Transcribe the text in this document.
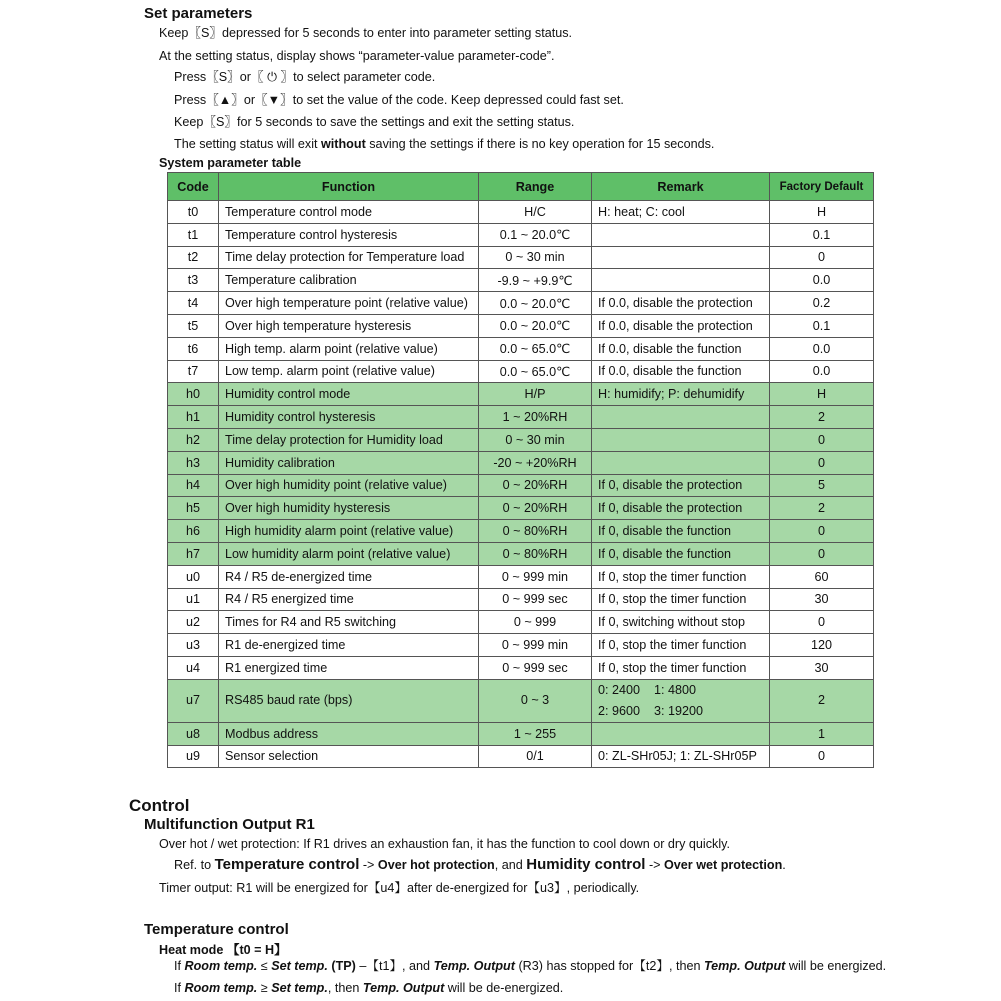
Set parameters
Keep〖S〗depressed for 5 seconds to enter into parameter setting status.
At the setting status, display shows “parameter-value parameter-code”.
Press〖S〗or〖 ⏻ 〗to select parameter code.
Press〖▲〗or〖▼〗to set the value of the code. Keep depressed could fast set.
Keep〖S〗for 5 seconds to save the settings and exit the setting status.
The setting status will exit without saving the settings if there is no key operation for 15 seconds.
System parameter table
Code	Function	Range	Remark	Factory Default
t0	Temperature control mode	H/C	H: heat; C: cool	H
t1	Temperature control hysteresis	0.1 ~ 20.0℃		0.1
t2	Time delay protection for Temperature load	0 ~ 30 min		0
t3	Temperature calibration	-9.9 ~ +9.9℃		0.0
t4	Over high temperature point (relative value)	0.0 ~ 20.0℃	If 0.0, disable the protection	0.2
t5	Over high temperature hysteresis	0.0 ~ 20.0℃	If 0.0, disable the protection	0.1
t6	High temp. alarm point (relative value)	0.0 ~ 65.0℃	If 0.0, disable the function	0.0
t7	Low temp. alarm point (relative value)	0.0 ~ 65.0℃	If 0.0, disable the function	0.0
h0	Humidity control mode	H/P	H: humidify; P: dehumidify	H
h1	Humidity control hysteresis	1 ~ 20%RH		2
h2	Time delay protection for Humidity load	0 ~ 30 min		0
h3	Humidity calibration	-20 ~ +20%RH		0
h4	Over high humidity point (relative value)	0 ~ 20%RH	If 0, disable the protection	5
h5	Over high humidity hysteresis	0 ~ 20%RH	If 0, disable the protection	2
h6	High humidity alarm point (relative value)	0 ~ 80%RH	If 0, disable the function	0
h7	Low humidity alarm point (relative value)	0 ~ 80%RH	If 0, disable the function	0
u0	R4 / R5 de-energized time	0 ~ 999 min	If 0, stop the timer function	60
u1	R4 / R5 energized time	0 ~ 999 sec	If 0, stop the timer function	30
u2	Times for R4 and R5 switching	0 ~ 999	If 0, switching without stop	0
u3	R1 de-energized time	0 ~ 999 min	If 0, stop the timer function	120
u4	R1 energized time	0 ~ 999 sec	If 0, stop the timer function	30
u7	RS485 baud rate (bps)	0 ~ 3	0: 2400    1: 4800
2: 9600    3: 19200	2
u8	Modbus address	1 ~ 255		1
u9	Sensor selection	0/1	0: ZL-SHr05J; 1: ZL-SHr05P	0
Control
Multifunction Output R1
Over hot / wet protection: If R1 drives an exhaustion fan, it has the function to cool down or dry quickly.
Ref. to Temperature control -> Over hot protection, and Humidity control -> Over wet protection.
Timer output: R1 will be energized for【u4】after de-energized for【u3】, periodically.
Temperature control
Heat mode 【t0 = H】
If Room temp. ≤ Set temp. (TP) –【t1】, and Temp. Output (R3) has stopped for【t2】, then Temp. Output will be energized.
If Room temp. ≥ Set temp., then Temp. Output will be de-energized.
